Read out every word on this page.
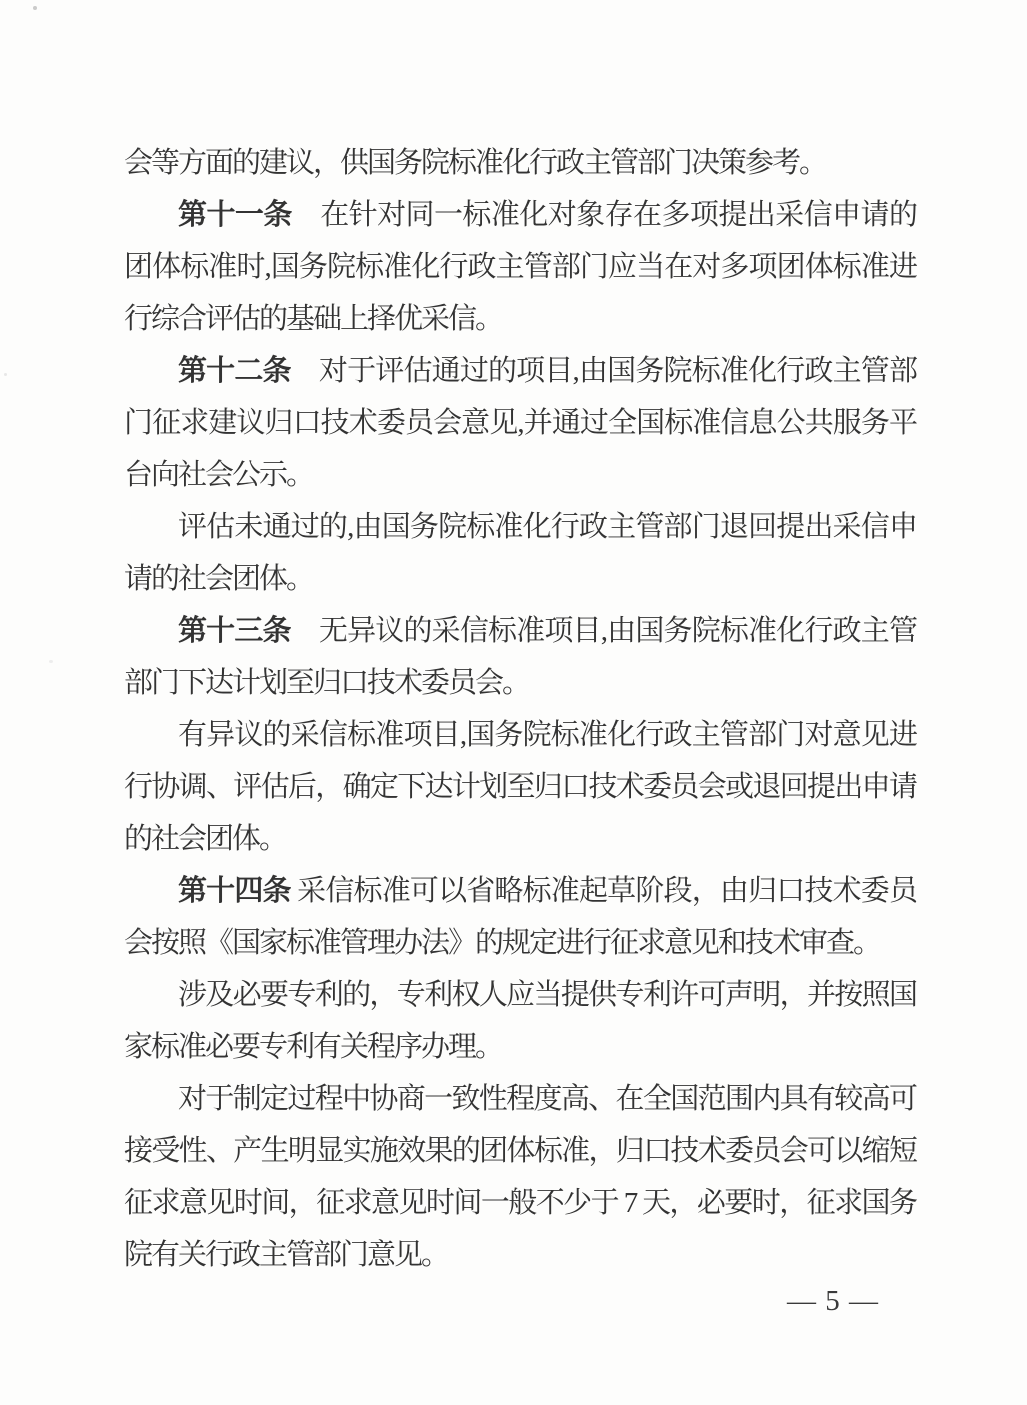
会等方面的建议，供国务院标准化行政主管部门决策参考。
第十一条　在针对同一标准化对象存在多项提出采信申请的
团体标准时,国务院标准化行政主管部门应当在对多项团体标准进
行综合评估的基础上择优采信。
第十二条　对于评估通过的项目,由国务院标准化行政主管部
门征求建议归口技术委员会意见,并通过全国标准信息公共服务平
台向社会公示。
评估未通过的,由国务院标准化行政主管部门退回提出采信申
请的社会团体。
第十三条　无异议的采信标准项目,由国务院标准化行政主管
部门下达计划至归口技术委员会。
有异议的采信标准项目,国务院标准化行政主管部门对意见进
行协调、评估后，确定下达计划至归口技术委员会或退回提出申请
的社会团体。
第十四条 采信标准可以省略标准起草阶段，由归口技术委员
会按照《国家标准管理办法》的规定进行征求意见和技术审查。
涉及必要专利的，专利权人应当提供专利许可声明，并按照国
家标准必要专利有关程序办理。
对于制定过程中协商一致性程度高、在全国范围内具有较高可
接受性、产生明显实施效果的团体标准，归口技术委员会可以缩短
征求意见时间，征求意见时间一般不少于 7 天，必要时，征求国务
院有关行政主管部门意见。
— 5 —
